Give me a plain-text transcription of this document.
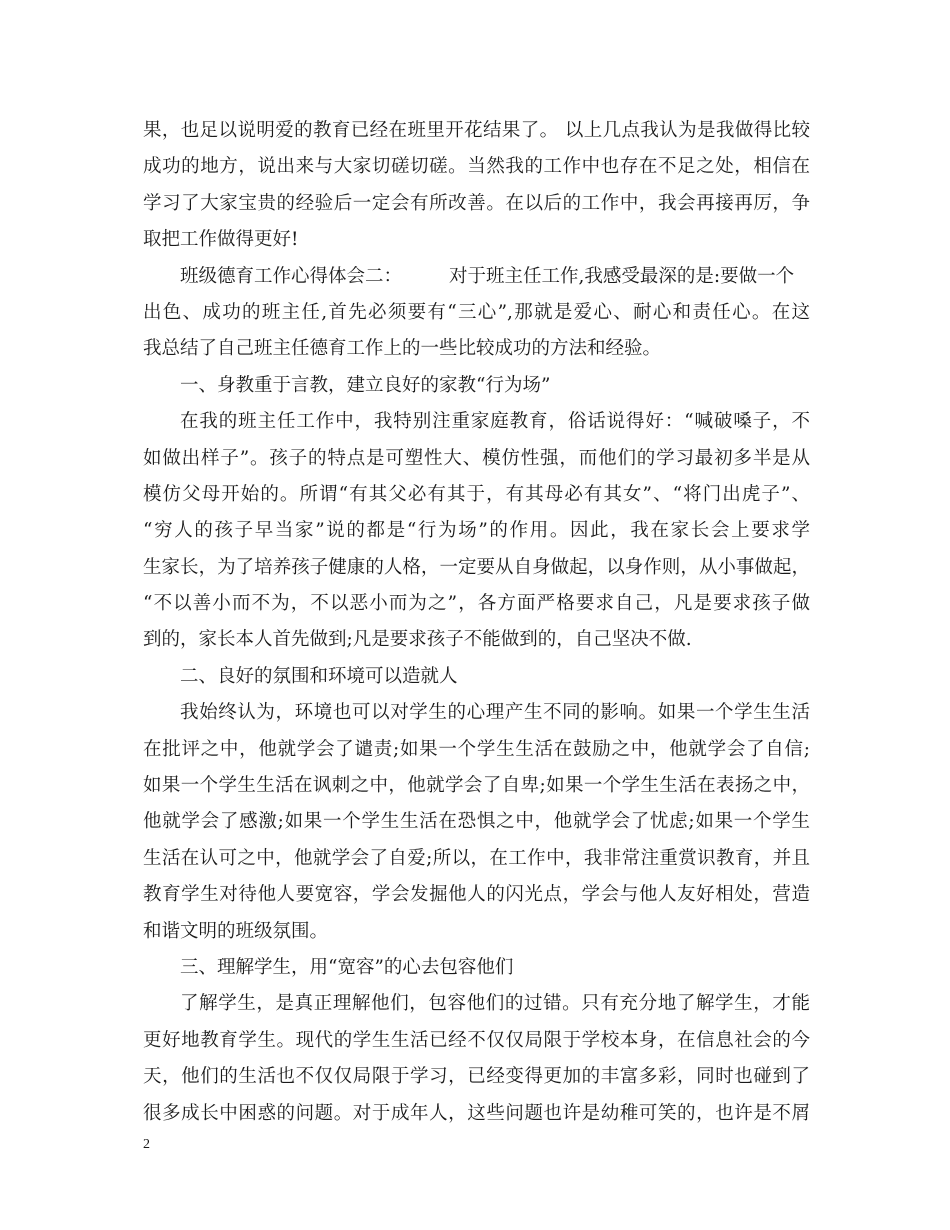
果，也足以说明爱的教育已经在班里开花结果了。 以上几点我认为是我做得比较
成功的地方，说出来与大家切磋切磋。当然我的工作中也存在不足之处，相信在
学习了大家宝贵的经验后一定会有所改善。在以后的工作中，我会再接再厉，争
取把工作做得更好!
班级德育工作心得体会二：        对于班主任工作,我感受最深的是:要做一个
出色、成功的班主任,首先必须要有“三心”,那就是爱心、耐心和责任心。在这
我总结了自己班主任德育工作上的一些比较成功的方法和经验。
一、身教重于言教，建立良好的家教“行为场”
在我的班主任工作中，我特别注重家庭教育，俗话说得好：“喊破嗓子，不
如做出样子”。孩子的特点是可塑性大、模仿性强，而他们的学习最初多半是从
模仿父母开始的。所谓“有其父必有其于，有其母必有其女”、“将门出虎子”、
“穷人的孩子早当家”说的都是“行为场”的作用。因此，我在家长会上要求学
生家长，为了培养孩子健康的人格，一定要从自身做起，以身作则，从小事做起，
“不以善小而不为，不以恶小而为之”，各方面严格要求自己，凡是要求孩子做
到的，家长本人首先做到;凡是要求孩子不能做到的，自己坚决不做.
二、良好的氛围和环境可以造就人
我始终认为，环境也可以对学生的心理产生不同的影响。如果一个学生生活
在批评之中，他就学会了谴责;如果一个学生生活在鼓励之中，他就学会了自信;
如果一个学生生活在讽刺之中，他就学会了自卑;如果一个学生生活在表扬之中，
他就学会了感激;如果一个学生生活在恐惧之中，他就学会了忧虑;如果一个学生
生活在认可之中，他就学会了自爱;所以，在工作中，我非常注重赏识教育，并且
教育学生对待他人要宽容，学会发掘他人的闪光点，学会与他人友好相处，营造
和谐文明的班级氛围。
三、理解学生，用“宽容”的心去包容他们
了解学生，是真正理解他们，包容他们的过错。只有充分地了解学生，才能
更好地教育学生。现代的学生生活已经不仅仅局限于学校本身，在信息社会的今
天，他们的生活也不仅仅局限于学习，已经变得更加的丰富多彩，同时也碰到了
很多成长中困惑的问题。对于成年人，这些问题也许是幼稚可笑的，也许是不屑
2
